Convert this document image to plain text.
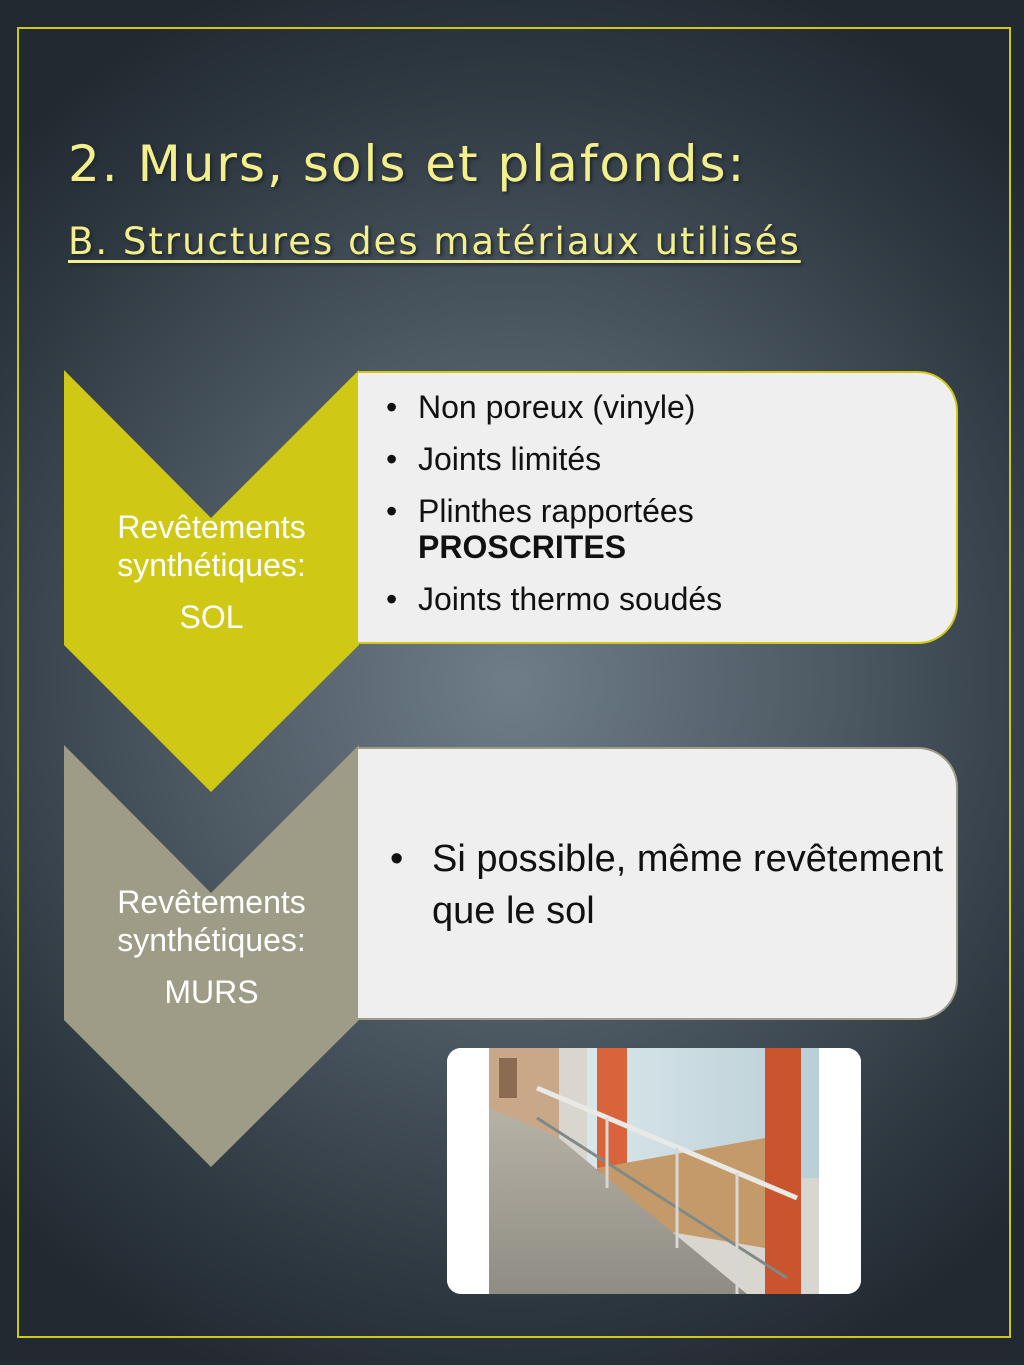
2. Murs, sols et plafonds:
B. Structures des matériaux utilisés
Revêtements
synthétiques:
SOL
• Non poreux (vinyle)
• Joints limités
• Plinthes rapportées
PROSCRITES
• Joints thermo soudés
Revêtements
synthétiques:
MURS
• Si possible, même revêtement que le sol
